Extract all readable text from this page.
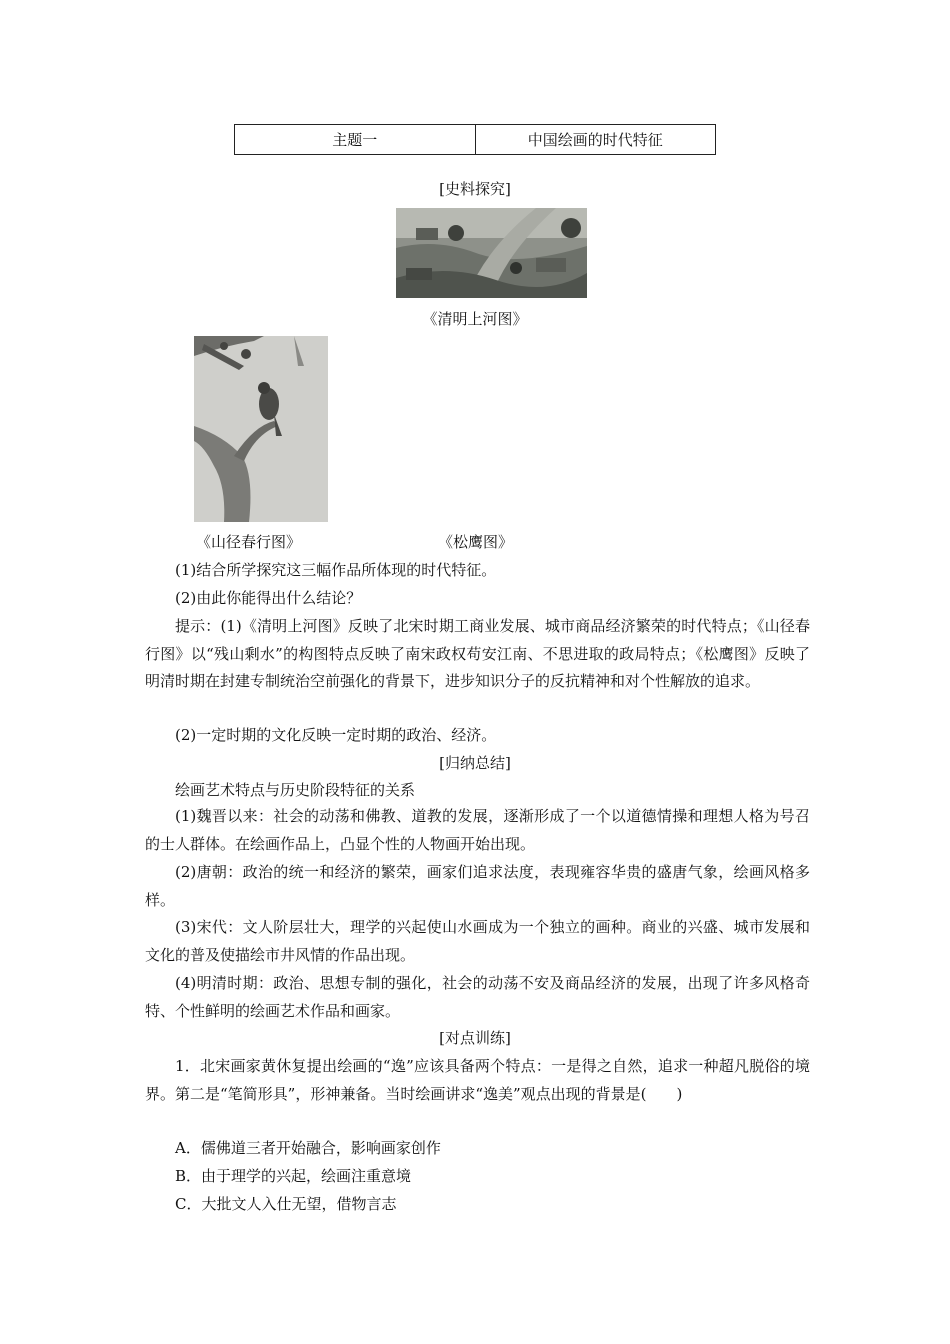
主题一	中国绘画的时代特征
[史料探究]
《清明上河图》
《山径春行图》	《松鹰图》
(1)结合所学探究这三幅作品所体现的时代特征。
(2)由此你能得出什么结论？
提示：(1)《清明上河图》反映了北宋时期工商业发展、城市商品经济繁荣的时代特点；《山径春行图》以“残山剩水”的构图特点反映了南宋政权苟安江南、不思进取的政局特点；《松鹰图》反映了明清时期在封建专制统治空前强化的背景下，进步知识分子的反抗精神和对个性解放的追求。
(2)一定时期的文化反映一定时期的政治、经济。
[归纳总结]
绘画艺术特点与历史阶段特征的关系
(1)魏晋以来：社会的动荡和佛教、道教的发展，逐渐形成了一个以道德情操和理想人格为号召的士人群体。在绘画作品上，凸显个性的人物画开始出现。
(2)唐朝：政治的统一和经济的繁荣，画家们追求法度，表现雍容华贵的盛唐气象，绘画风格多样。
(3)宋代：文人阶层壮大，理学的兴起使山水画成为一个独立的画种。商业的兴盛、城市发展和文化的普及使描绘市井风情的作品出现。
(4)明清时期：政治、思想专制的强化，社会的动荡不安及商品经济的发展，出现了许多风格奇特、个性鲜明的绘画艺术作品和画家。
[对点训练]
1．北宋画家黄休复提出绘画的“逸”应该具备两个特点：一是得之自然，追求一种超凡脱俗的境界。第二是“笔简形具”，形神兼备。当时绘画讲求“逸美”观点出现的背景是(　　)
A．儒佛道三者开始融合，影响画家创作
B．由于理学的兴起，绘画注重意境
C．大批文人入仕无望，借物言志
